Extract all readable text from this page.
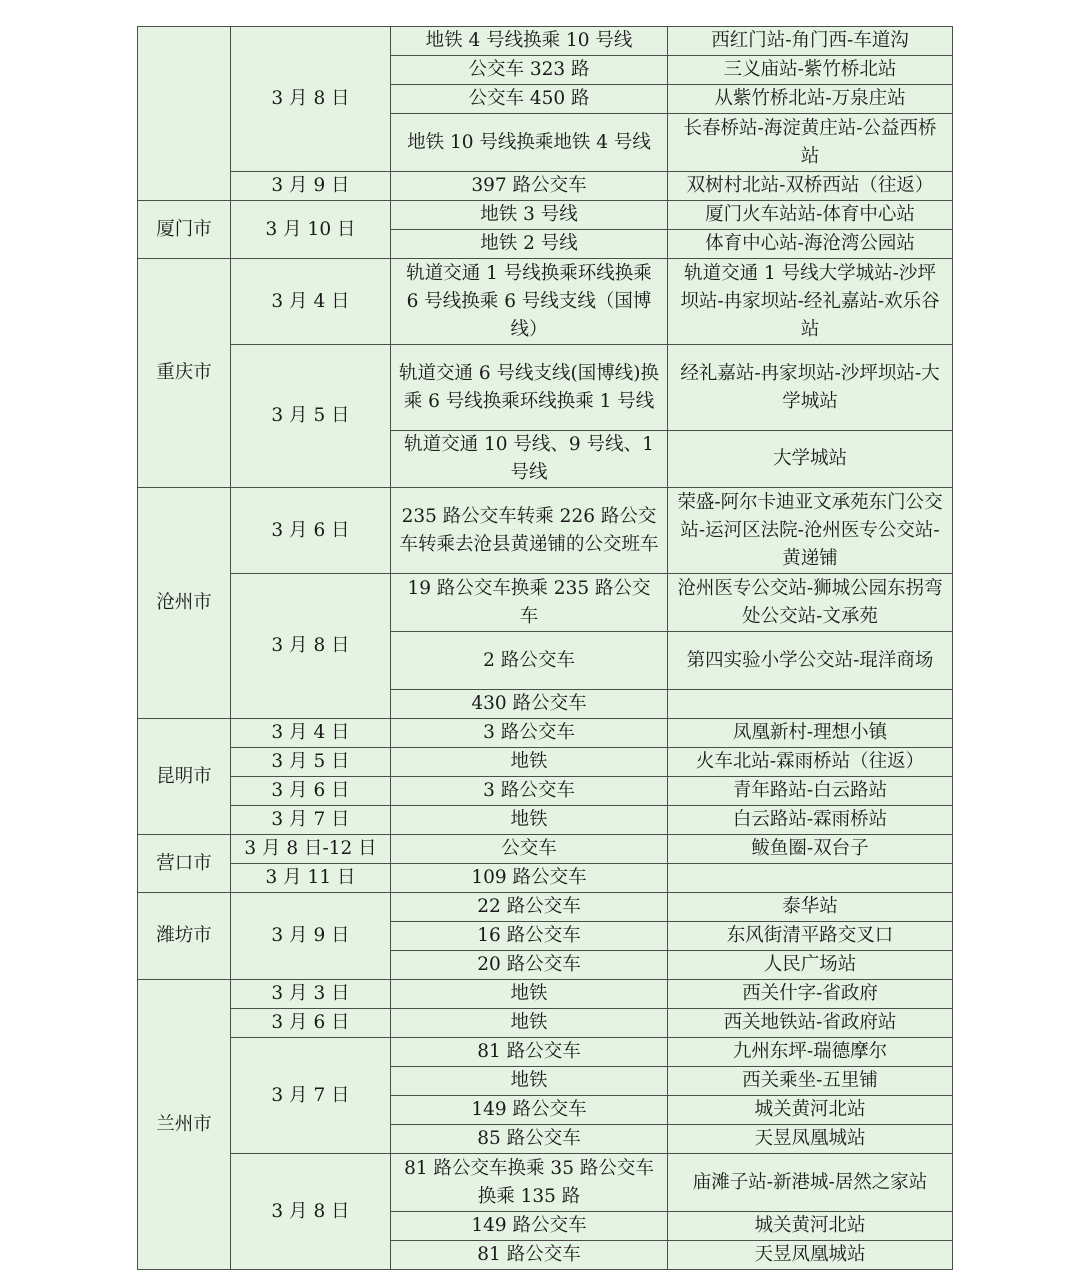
	3 月 8 日	地铁 4 号线换乘 10 号线	西红门站-角门西-车道沟
		公交车 323 路	三义庙站-紫竹桥北站
		公交车 450 路	从紫竹桥北站-万泉庄站
		地铁 10 号线换乘地铁 4 号线	长春桥站-海淀黄庄站-公益西桥站
	3 月 9 日	397 路公交车	双树村北站-双桥西站（往返）
厦门市	3 月 10 日	地铁 3 号线	厦门火车站站-体育中心站
		地铁 2 号线	体育中心站-海沧湾公园站
重庆市	3 月 4 日	轨道交通 1 号线换乘环线换乘 6 号线换乘 6 号线支线（国博线）	轨道交通 1 号线大学城站-沙坪坝站-冉家坝站-经礼嘉站-欢乐谷站
	3 月 5 日	轨道交通 6 号线支线(国博线)换乘 6 号线换乘环线换乘 1 号线	经礼嘉站-冉家坝站-沙坪坝站-大学城站
		轨道交通 10 号线、9 号线、1 号线	大学城站
沧州市	3 月 6 日	235 路公交车转乘 226 路公交车转乘去沧县黄递铺的公交班车	荣盛-阿尔卡迪亚文承苑东门公交站-运河区法院-沧州医专公交站-黄递铺
	3 月 8 日	19 路公交车换乘 235 路公交车	沧州医专公交站-狮城公园东拐弯处公交站-文承苑
		2 路公交车	第四实验小学公交站-琨洋商场
		430 路公交车	
昆明市	3 月 4 日	3 路公交车	凤凰新村-理想小镇
	3 月 5 日	地铁	火车北站-霖雨桥站（往返）
	3 月 6 日	3 路公交车	青年路站-白云路站
	3 月 7 日	地铁	白云路站-霖雨桥站
营口市	3 月 8 日-12 日	公交车	鲅鱼圈-双台子
	3 月 11 日	109 路公交车	
潍坊市	3 月 9 日	22 路公交车	泰华站
		16 路公交车	东风街清平路交叉口
		20 路公交车	人民广场站
兰州市	3 月 3 日	地铁	西关什字-省政府
	3 月 6 日	地铁	西关地铁站-省政府站
	3 月 7 日	81 路公交车	九州东坪-瑞德摩尔
		地铁	西关乘坐-五里铺
		149 路公交车	城关黄河北站
		85 路公交车	天昱凤凰城站
	3 月 8 日	81 路公交车换乘 35 路公交车换乘 135 路	庙滩子站-新港城-居然之家站
		149 路公交车	城关黄河北站
		81 路公交车	天昱凤凰城站
